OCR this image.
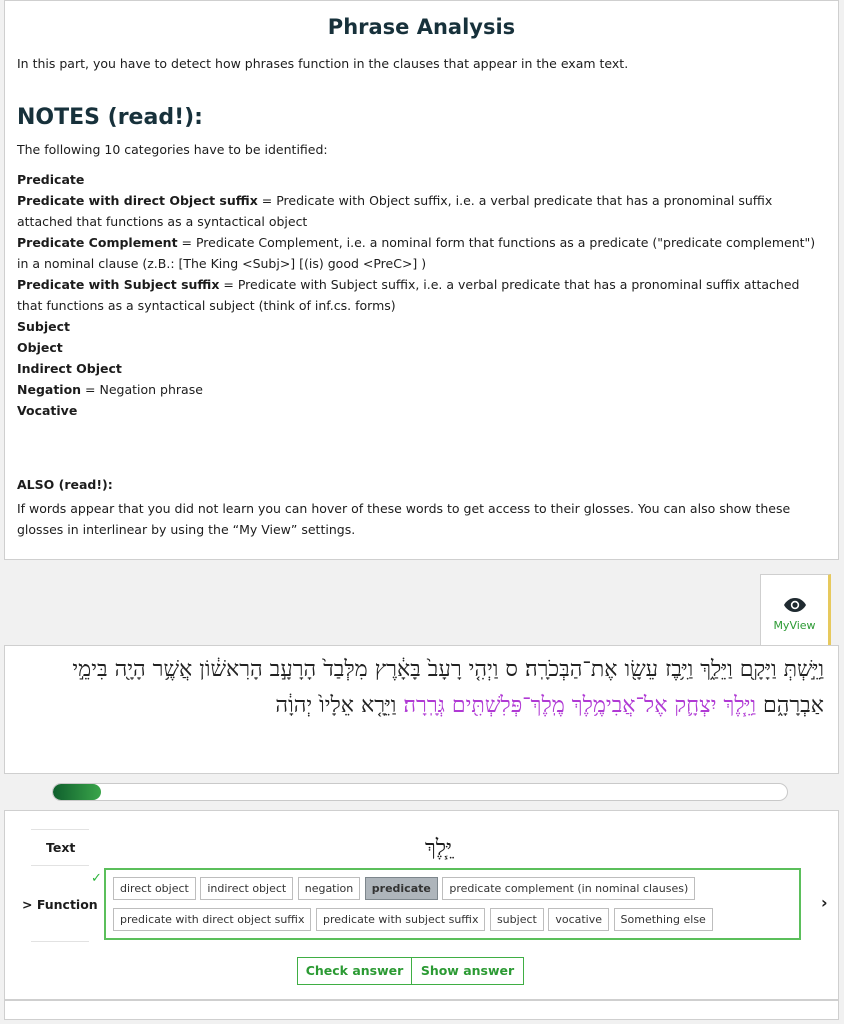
Phrase Analysis

In this part, you have to detect how phrases function in the clauses that appear in the exam text.

NOTES (read!):

The following 10 categories have to be identified:

Predicate
Predicate with direct Object suffix = Predicate with Object suffix, i.e. a verbal predicate that has a pronominal suffix attached that functions as a syntactical object
Predicate Complement = Predicate Complement, i.e. a nominal form that functions as a predicate ("predicate complement") in a nominal clause (z.B.: [The King <Subj>] [(is) good <PreC>] )
Predicate with Subject suffix = Predicate with Subject suffix, i.e. a verbal predicate that has a pronominal suffix attached that functions as a syntactical subject (think of inf.cs. forms)
Subject
Object
Indirect Object
Negation = Negation phrase
Vocative
ALSO (read!):
If words appear that you did not learn you can hover of these words to get access to their glosses. You can also show these glosses in interlinear by using the “My View” settings.
MyView
וַיֵּ֣שְׁתְּ וַיָּקָ֖ם וַיֵּלַ֑ךְ וַיִּ֥בֶז עֵשָׂ֖ו אֶת־הַבְּכֹרָֽה׃ ס וַיְהִ֤י רָעָב֙ בָּאָ֔רֶץ מִלְּבַד֙ הָרָעָ֣ב הָרִאשׁ֔וֹן אֲשֶׁ֥ר הָיָ֖ה בִּימֵ֣י אַבְרָהָ֑ם וַיֵּ֧לֶךְ יִצְחָ֛ק אֶל־אֲבִימֶ֥לֶךְ מֶֽלֶךְ־פְּלִשְׁתִּ֖ים גְּרָֽרָה׃ וַיֵּרָ֤א אֵלָיו֙ יְהוָ֔ה
Text	יֵּ֧לֶךְ
> Function
✓
direct object indirect object negation predicate predicate complement (in nominal clauses)
predicate with direct object suffix predicate with subject suffix subject vocative Something else
›
Check answer	Show answer
